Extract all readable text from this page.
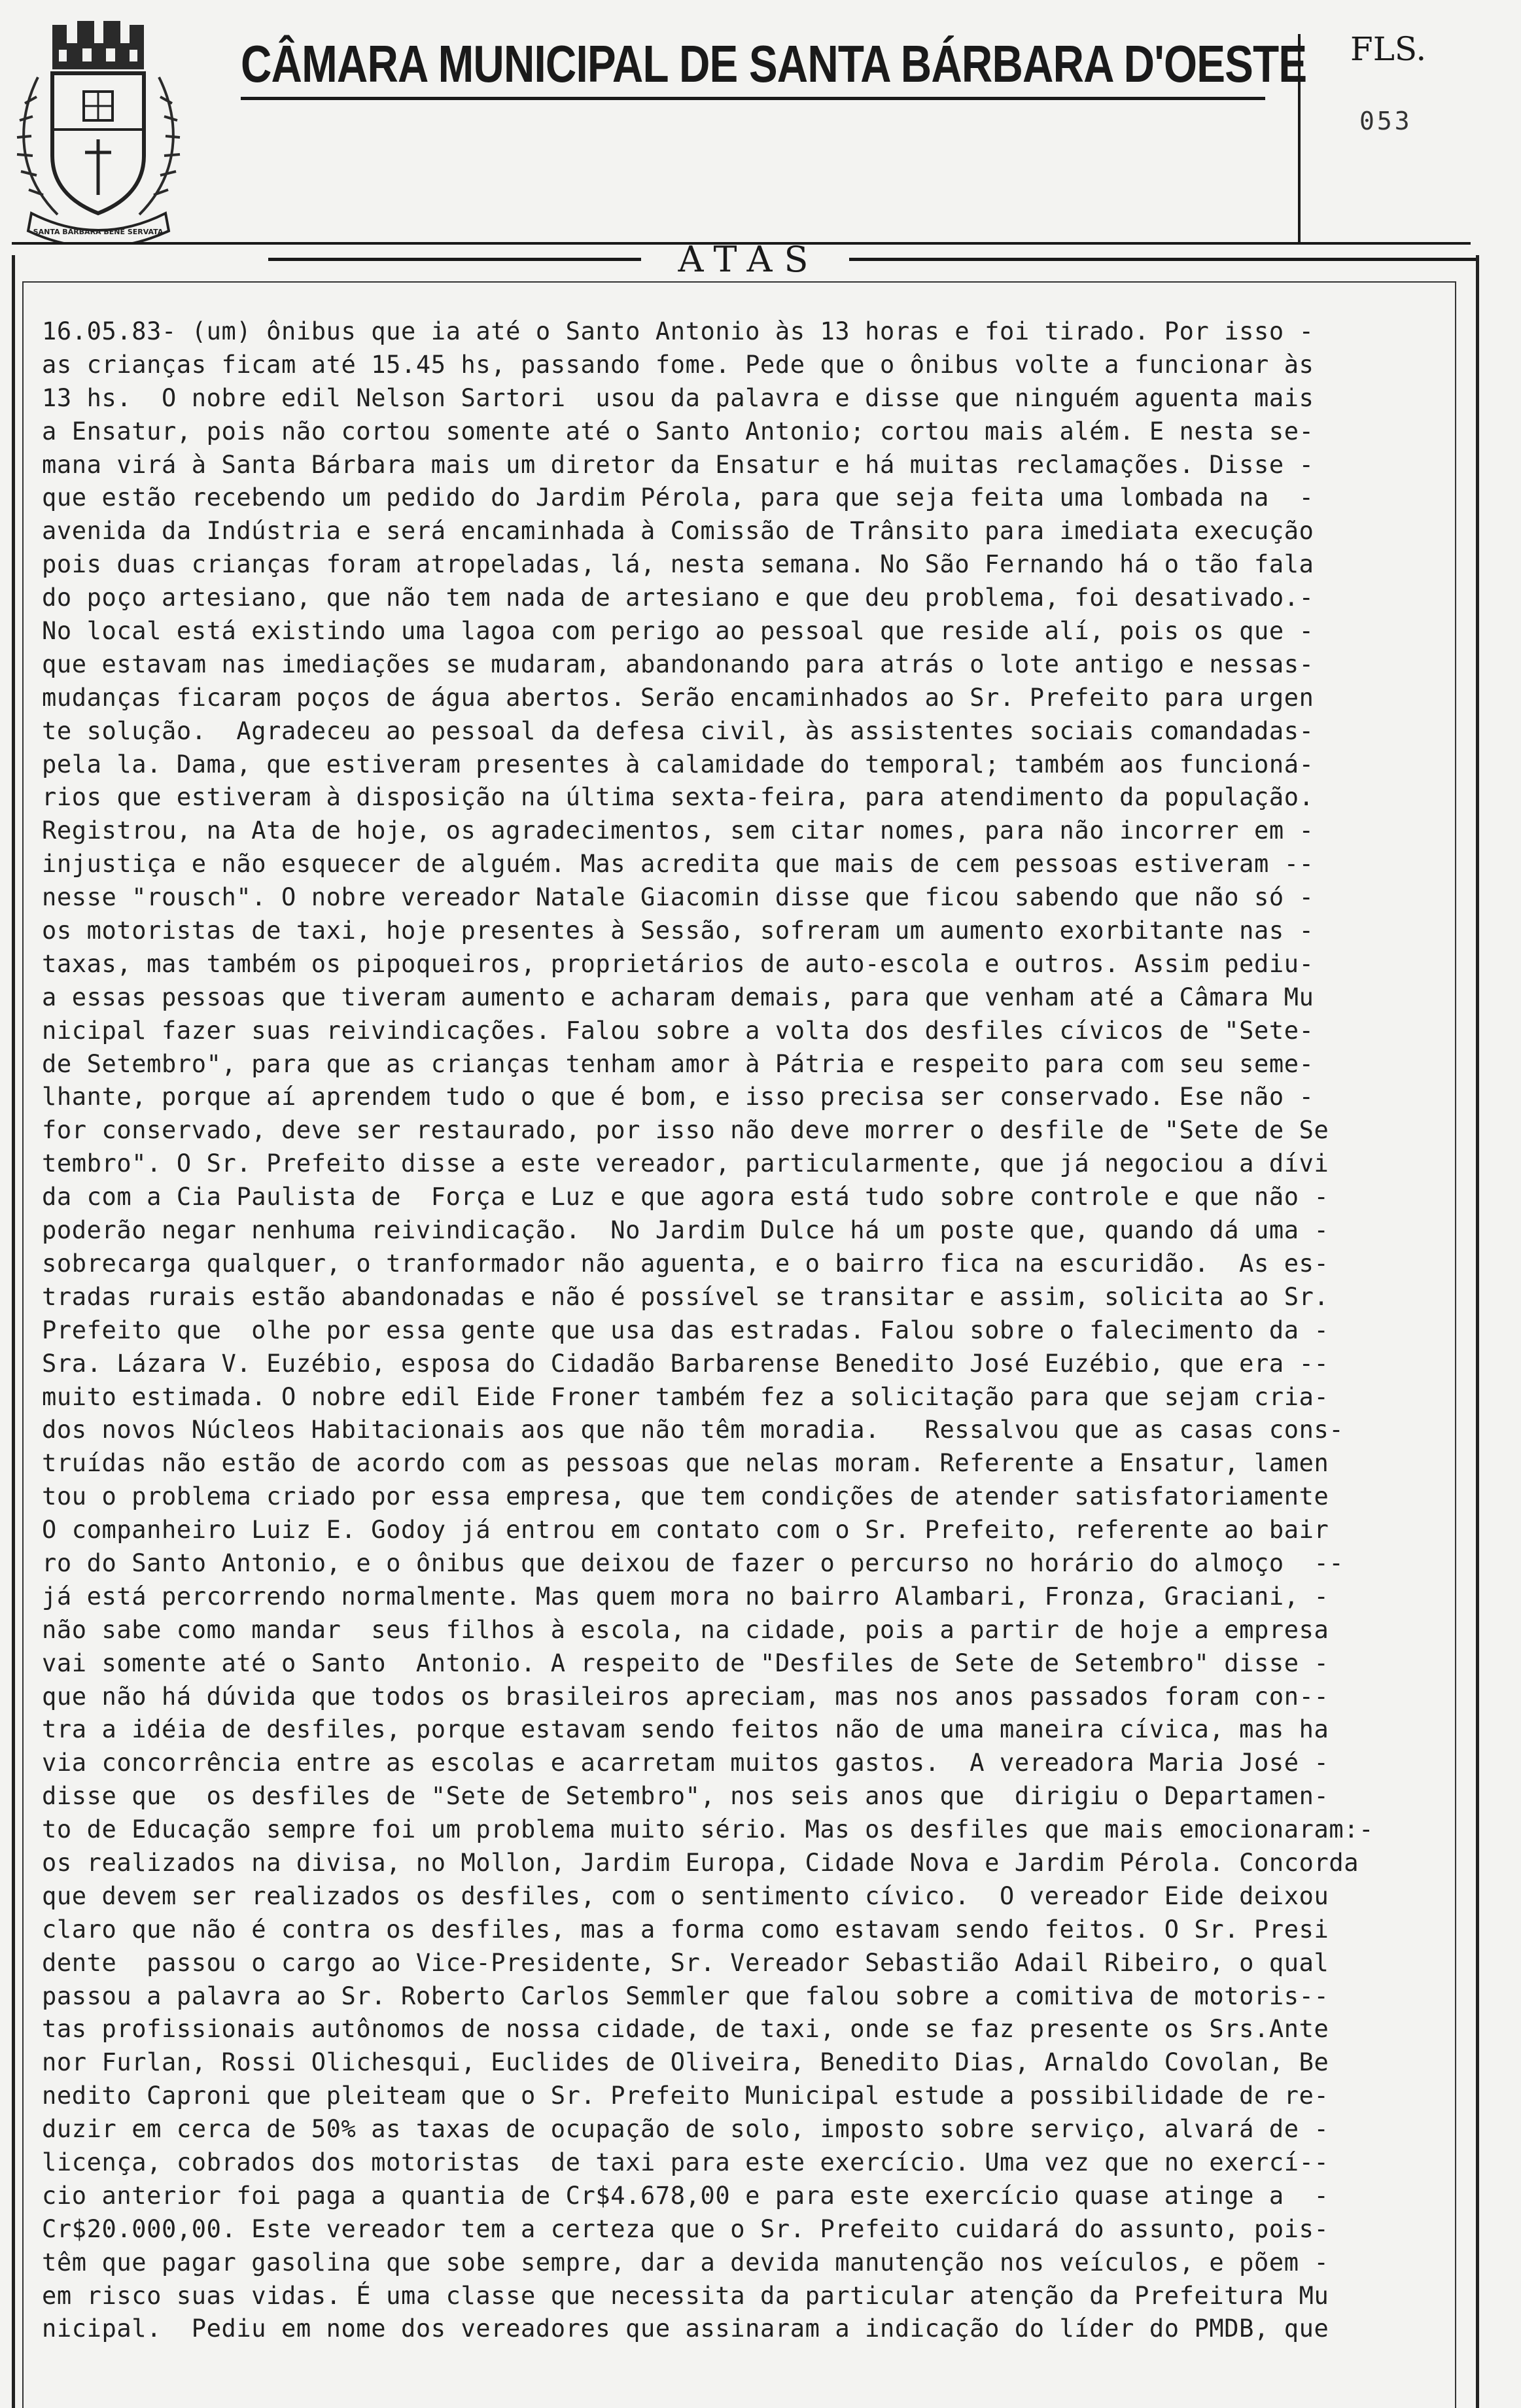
SANTA BARBARA BENE SERVATA
CÂMARA MUNICIPAL DE SANTA BÁRBARA D'OESTE FLS.
053
ATAS
16.05.83- (um) ônibus que ia até o Santo Antonio às 13 horas e foi tirado. Por isso -
as crianças ficam até 15.45 hs, passando fome. Pede que o ônibus volte a funcionar às
13 hs.  O nobre edil Nelson Sartori  usou da palavra e disse que ninguém aguenta mais
a Ensatur, pois não cortou somente até o Santo Antonio; cortou mais além. E nesta se-
mana virá à Santa Bárbara mais um diretor da Ensatur e há muitas reclamações. Disse -
que estão recebendo um pedido do Jardim Pérola, para que seja feita uma lombada na  -
avenida da Indústria e será encaminhada à Comissão de Trânsito para imediata execução
pois duas crianças foram atropeladas, lá, nesta semana. No São Fernando há o tão fala
do poço artesiano, que não tem nada de artesiano e que deu problema, foi desativado.-
No local está existindo uma lagoa com perigo ao pessoal que reside alí, pois os que -
que estavam nas imediações se mudaram, abandonando para atrás o lote antigo e nessas-
mudanças ficaram poços de água abertos. Serão encaminhados ao Sr. Prefeito para urgen
te solução.  Agradeceu ao pessoal da defesa civil, às assistentes sociais comandadas-
pela la. Dama, que estiveram presentes à calamidade do temporal; também aos funcioná-
rios que estiveram à disposição na última sexta-feira, para atendimento da população.
Registrou, na Ata de hoje, os agradecimentos, sem citar nomes, para não incorrer em -
injustiça e não esquecer de alguém. Mas acredita que mais de cem pessoas estiveram --
nesse "rousch". O nobre vereador Natale Giacomin disse que ficou sabendo que não só -
os motoristas de taxi, hoje presentes à Sessão, sofreram um aumento exorbitante nas -
taxas, mas também os pipoqueiros, proprietários de auto-escola e outros. Assim pediu-
a essas pessoas que tiveram aumento e acharam demais, para que venham até a Câmara Mu
nicipal fazer suas reivindicações. Falou sobre a volta dos desfiles cívicos de "Sete-
de Setembro", para que as crianças tenham amor à Pátria e respeito para com seu seme-
lhante, porque aí aprendem tudo o que é bom, e isso precisa ser conservado. Ese não -
for conservado, deve ser restaurado, por isso não deve morrer o desfile de "Sete de Se
tembro". O Sr. Prefeito disse a este vereador, particularmente, que já negociou a dívi
da com a Cia Paulista de  Força e Luz e que agora está tudo sobre controle e que não -
poderão negar nenhuma reivindicação.  No Jardim Dulce há um poste que, quando dá uma -
sobrecarga qualquer, o tranformador não aguenta, e o bairro fica na escuridão.  As es-
tradas rurais estão abandonadas e não é possível se transitar e assim, solicita ao Sr.
Prefeito que  olhe por essa gente que usa das estradas. Falou sobre o falecimento da -
Sra. Lázara V. Euzébio, esposa do Cidadão Barbarense Benedito José Euzébio, que era --
muito estimada. O nobre edil Eide Froner também fez a solicitação para que sejam cria-
dos novos Núcleos Habitacionais aos que não têm moradia.   Ressalvou que as casas cons-
truídas não estão de acordo com as pessoas que nelas moram. Referente a Ensatur, lamen
tou o problema criado por essa empresa, que tem condições de atender satisfatoriamente
O companheiro Luiz E. Godoy já entrou em contato com o Sr. Prefeito, referente ao bair
ro do Santo Antonio, e o ônibus que deixou de fazer o percurso no horário do almoço  --
já está percorrendo normalmente. Mas quem mora no bairro Alambari, Fronza, Graciani, -
não sabe como mandar  seus filhos à escola, na cidade, pois a partir de hoje a empresa
vai somente até o Santo  Antonio. A respeito de "Desfiles de Sete de Setembro" disse -
que não há dúvida que todos os brasileiros apreciam, mas nos anos passados foram con--
tra a idéia de desfiles, porque estavam sendo feitos não de uma maneira cívica, mas ha
via concorrência entre as escolas e acarretam muitos gastos.  A vereadora Maria José -
disse que  os desfiles de "Sete de Setembro", nos seis anos que  dirigiu o Departamen-
to de Educação sempre foi um problema muito sério. Mas os desfiles que mais emocionaram:-
os realizados na divisa, no Mollon, Jardim Europa, Cidade Nova e Jardim Pérola. Concorda
que devem ser realizados os desfiles, com o sentimento cívico.  O vereador Eide deixou
claro que não é contra os desfiles, mas a forma como estavam sendo feitos. O Sr. Presi
dente  passou o cargo ao Vice-Presidente, Sr. Vereador Sebastião Adail Ribeiro, o qual
passou a palavra ao Sr. Roberto Carlos Semmler que falou sobre a comitiva de motoris--
tas profissionais autônomos de nossa cidade, de taxi, onde se faz presente os Srs.Ante
nor Furlan, Rossi Olichesqui, Euclides de Oliveira, Benedito Dias, Arnaldo Covolan, Be
nedito Caproni que pleiteam que o Sr. Prefeito Municipal estude a possibilidade de re-
duzir em cerca de 50% as taxas de ocupação de solo, imposto sobre serviço, alvará de -
licença, cobrados dos motoristas  de taxi para este exercício. Uma vez que no exercí--
cio anterior foi paga a quantia de Cr$4.678,00 e para este exercício quase atinge a  -
Cr$20.000,00. Este vereador tem a certeza que o Sr. Prefeito cuidará do assunto, pois-
têm que pagar gasolina que sobe sempre, dar a devida manutenção nos veículos, e põem -
em risco suas vidas. É uma classe que necessita da particular atenção da Prefeitura Mu
nicipal.  Pediu em nome dos vereadores que assinaram a indicação do líder do PMDB, que
